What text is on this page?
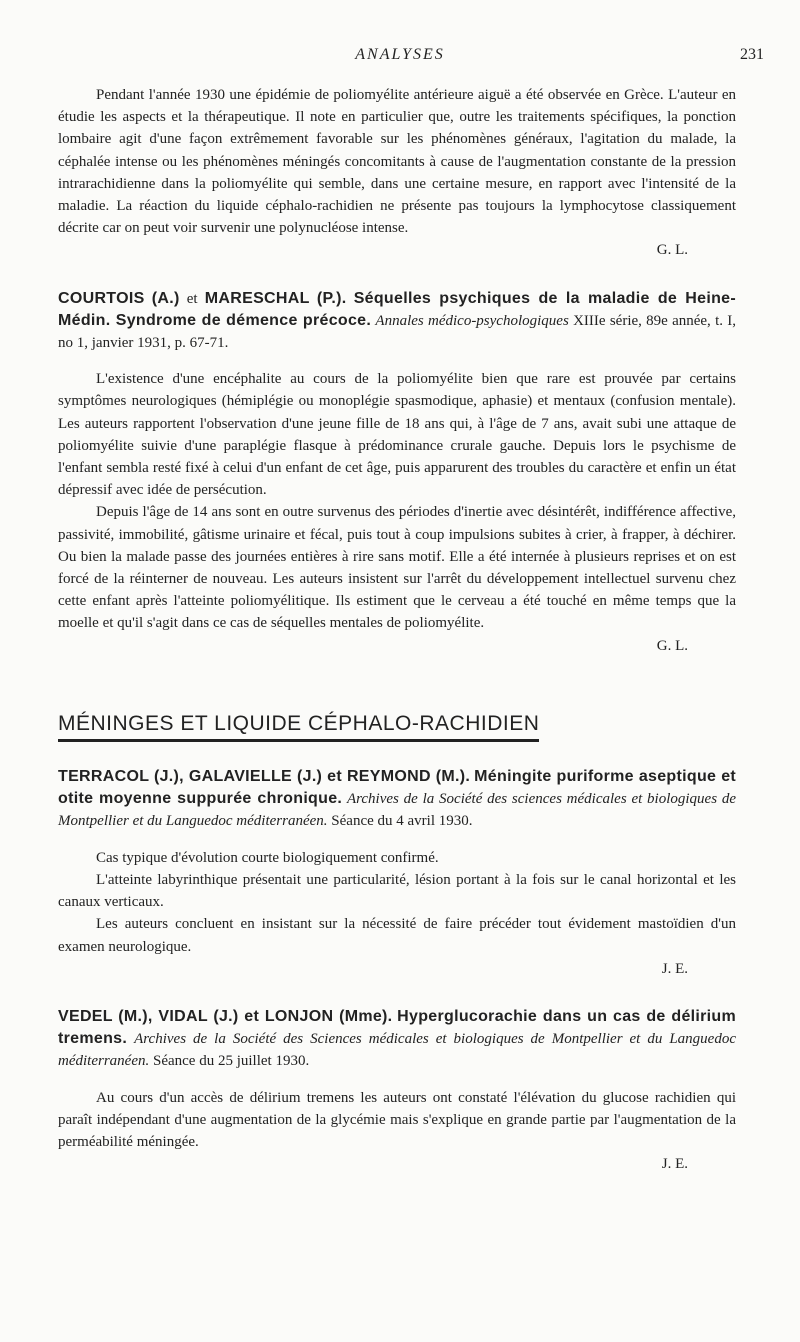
ANALYSES	231

Pendant l'année 1930 une épidémie de poliomyélite antérieure aiguë a été observée en Grèce. L'auteur en étudie les aspects et la thérapeutique. Il note en particulier que, outre les traitements spécifiques, la ponction lombaire agit d'une façon extrêmement favorable sur les phénomènes généraux, l'agitation du malade, la céphalée intense ou les phénomènes méningés concomitants à cause de l'augmentation constante de la pression intrarachidienne dans la poliomyélite qui semble, dans une certaine mesure, en rapport avec l'intensité de la maladie. La réaction du liquide céphalo-rachidien ne présente pas toujours la lymphocytose classiquement décrite car on peut voir survenir une polynucléose intense.

G. L.

COURTOIS (A.) et MARESCHAL (P.). Séquelles psychiques de la maladie de Heine-Médin. Syndrome de démence précoce. Annales médico-psychologiques XIIIe série, 89e année, t. I, no 1, janvier 1931, p. 67-71.

L'existence d'une encéphalite au cours de la poliomyélite bien que rare est prouvée par certains symptômes neurologiques (hémiplégie ou monoplégie spasmodique, aphasie) et mentaux (confusion mentale). Les auteurs rapportent l'observation d'une jeune fille de 18 ans qui, à l'âge de 7 ans, avait subi une attaque de poliomyélite suivie d'une paraplégie flasque à prédominance crurale gauche. Depuis lors le psychisme de l'enfant sembla resté fixé à celui d'un enfant de cet âge, puis apparurent des troubles du caractère et enfin un état dépressif avec idée de persécution.

Depuis l'âge de 14 ans sont en outre survenus des périodes d'inertie avec désintérêt, indifférence affective, passivité, immobilité, gâtisme urinaire et fécal, puis tout à coup impulsions subites à crier, à frapper, à déchirer. Ou bien la malade passe des journées entières à rire sans motif. Elle a été internée à plusieurs reprises et on est forcé de la réinterner de nouveau. Les auteurs insistent sur l'arrêt du développement intellectuel survenu chez cette enfant après l'atteinte poliomyélitique. Ils estiment que le cerveau a été touché en même temps que la moelle et qu'il s'agit dans ce cas de séquelles mentales de poliomyélite.

G. L.

MÉNINGES ET LIQUIDE CÉPHALO-RACHIDIEN

TERRACOL (J.), GALAVIELLE (J.) et REYMOND (M.). Méningite puriforme aseptique et otite moyenne suppurée chronique. Archives de la Société des sciences médicales et biologiques de Montpellier et du Languedoc méditerranéen. Séance du 4 avril 1930.

Cas typique d'évolution courte biologiquement confirmé.

L'atteinte labyrinthique présentait une particularité, lésion portant à la fois sur le canal horizontal et les canaux verticaux.

Les auteurs concluent en insistant sur la nécessité de faire précéder tout évidement mastoïdien d'un examen neurologique.

J. E.

VEDEL (M.), VIDAL (J.) et LONJON (Mme). Hyperglucorachie dans un cas de délirium tremens. Archives de la Société des Sciences médicales et biologiques de Montpellier et du Languedoc méditerranéen. Séance du 25 juillet 1930.

Au cours d'un accès de délirium tremens les auteurs ont constaté l'élévation du glucose rachidien qui paraît indépendant d'une augmentation de la glycémie mais s'explique en grande partie par l'augmentation de la perméabilité méningée.

J. E.
